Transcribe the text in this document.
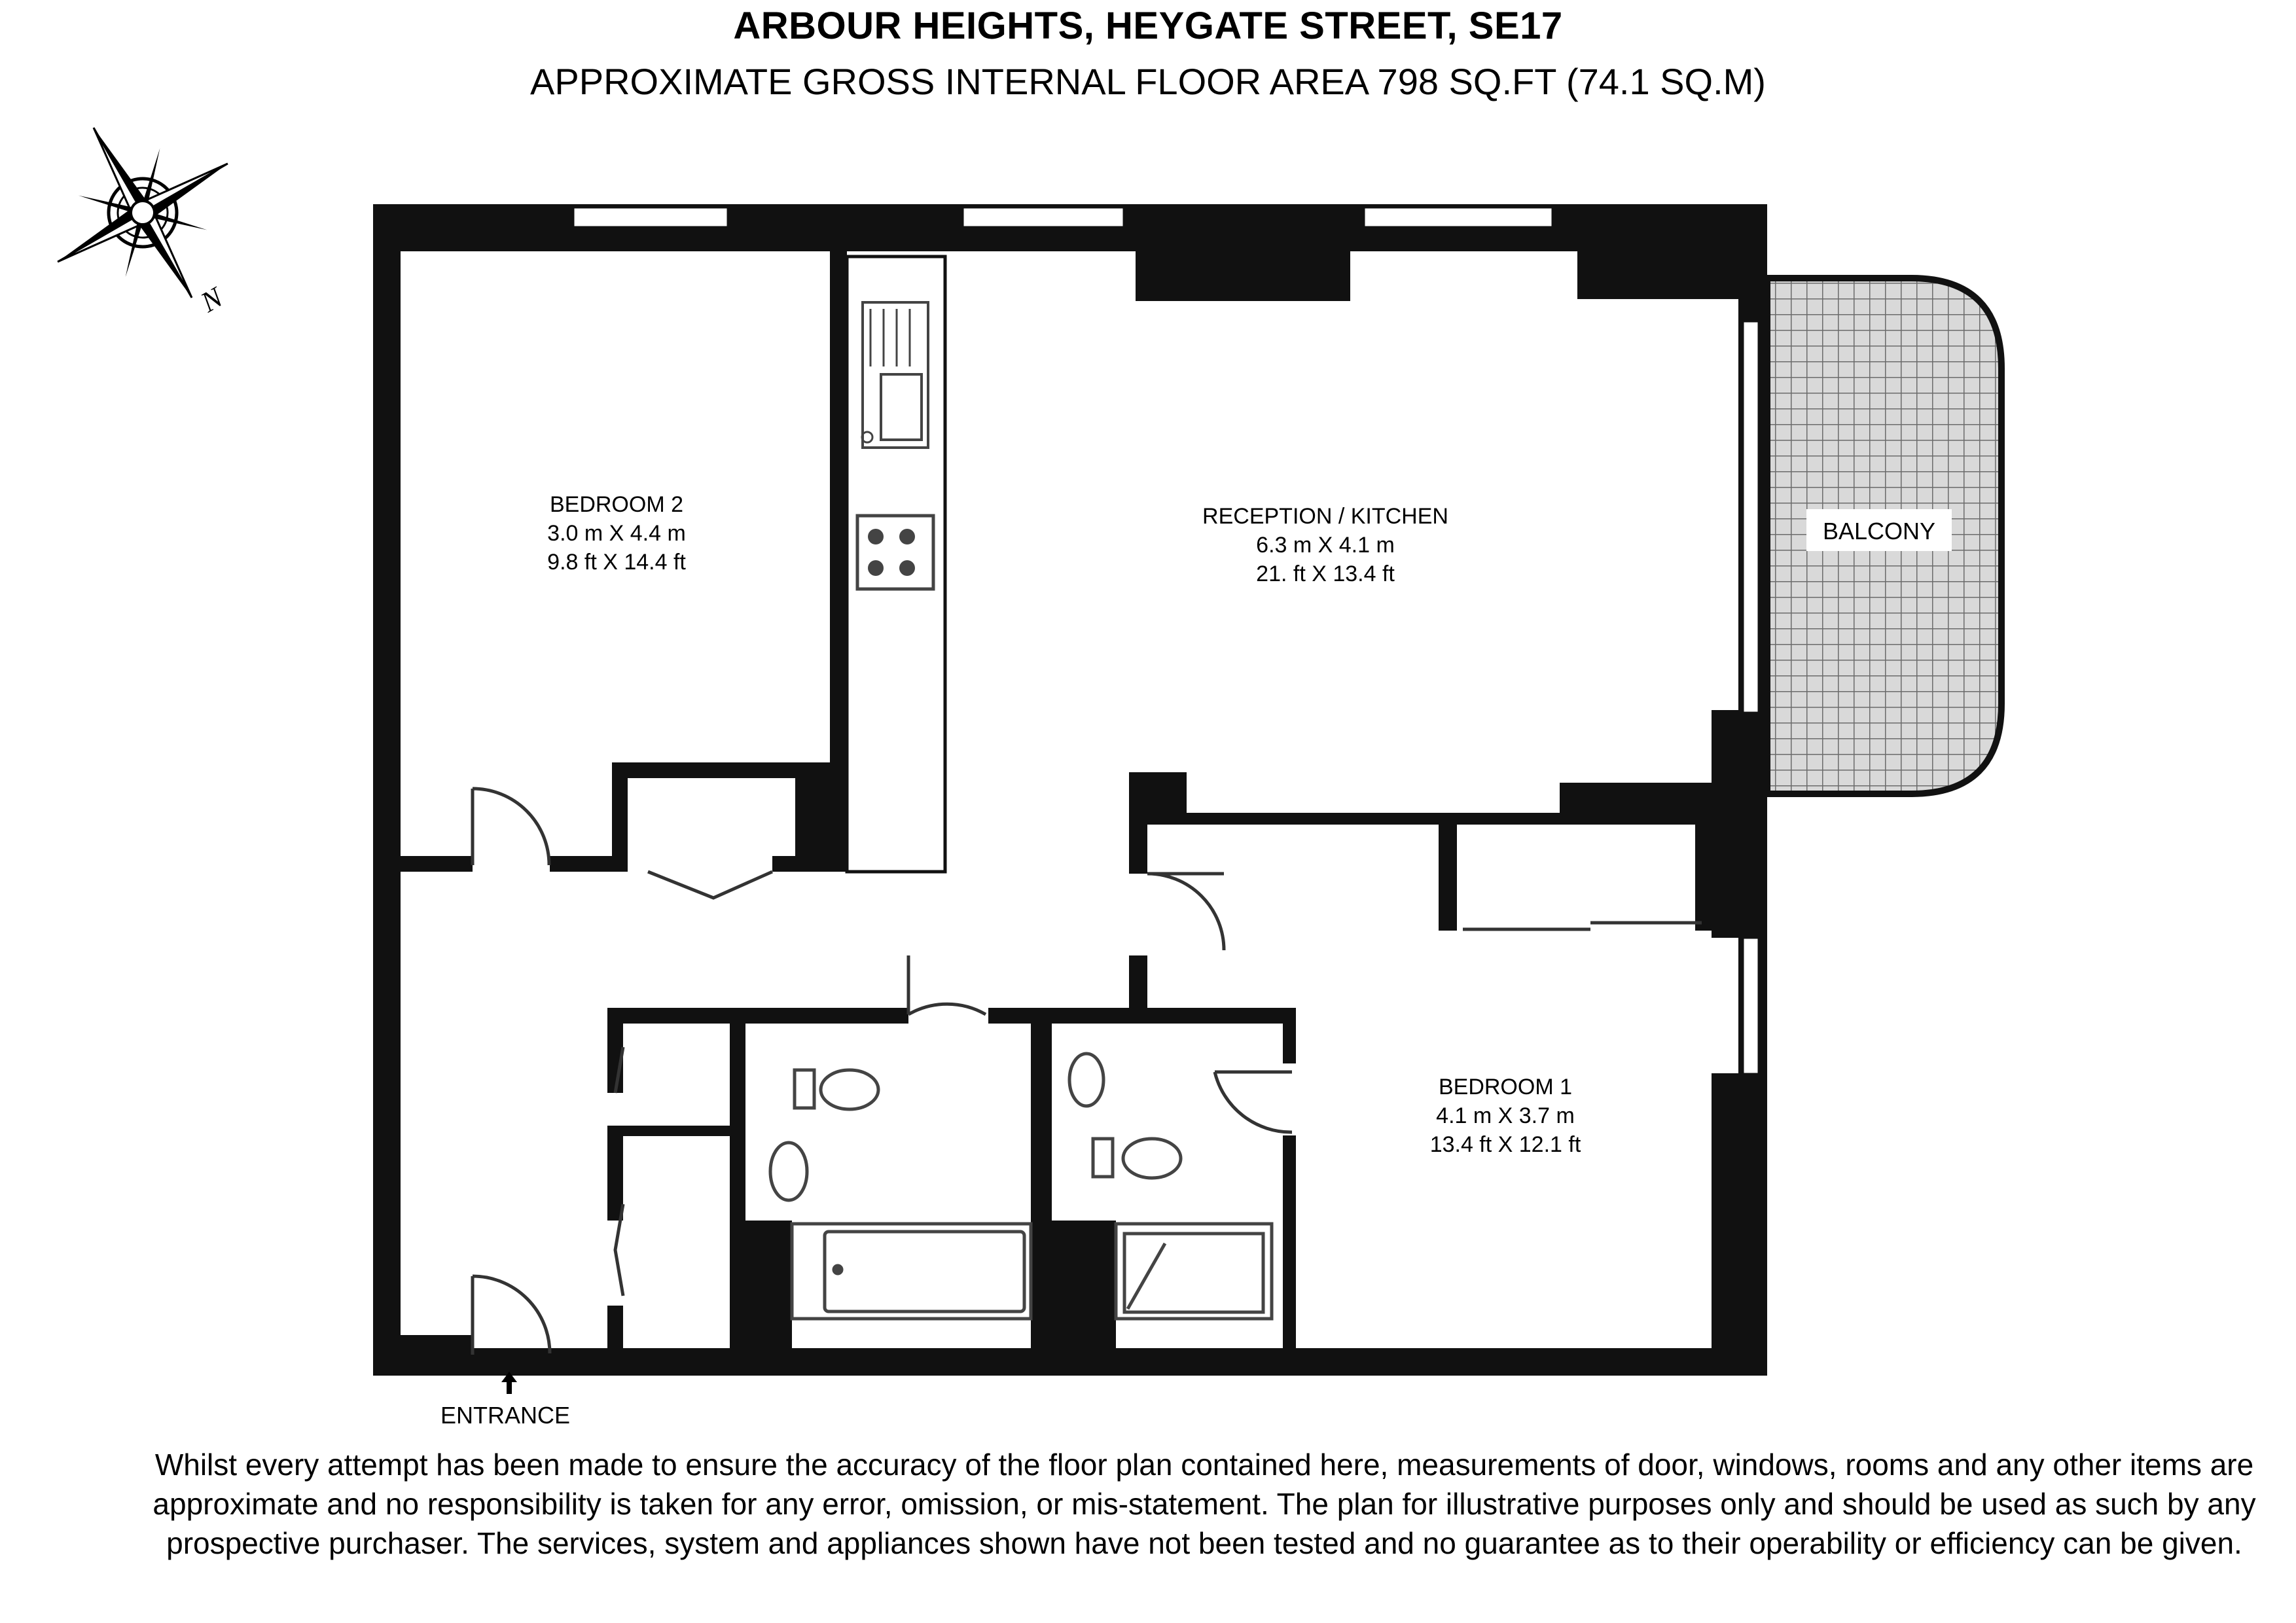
ARBOUR HEIGHTS, HEYGATE STREET, SE17
APPROXIMATE GROSS INTERNAL FLOOR AREA 798 SQ.FT (74.1 SQ.M)
N
BALCONY
BEDROOM 2
3.0 m X 4.4 m
9.8 ft X 14.4 ft
RECEPTION / KITCHEN
6.3 m X 4.1 m
21. ft X 13.4 ft
BEDROOM 1
4.1 m X 3.7 m
13.4 ft X 12.1 ft
ENTRANCE
Whilst every attempt has been made to ensure the accuracy of the floor plan contained here, measurements of door, windows, rooms and any other items are approximate and no responsibility is taken for any error, omission, or mis-statement. The plan for illustrative purposes only and should be used as such by any prospective purchaser. The services, system and appliances shown have not been tested and no guarantee as to their operability or efficiency can be given.
